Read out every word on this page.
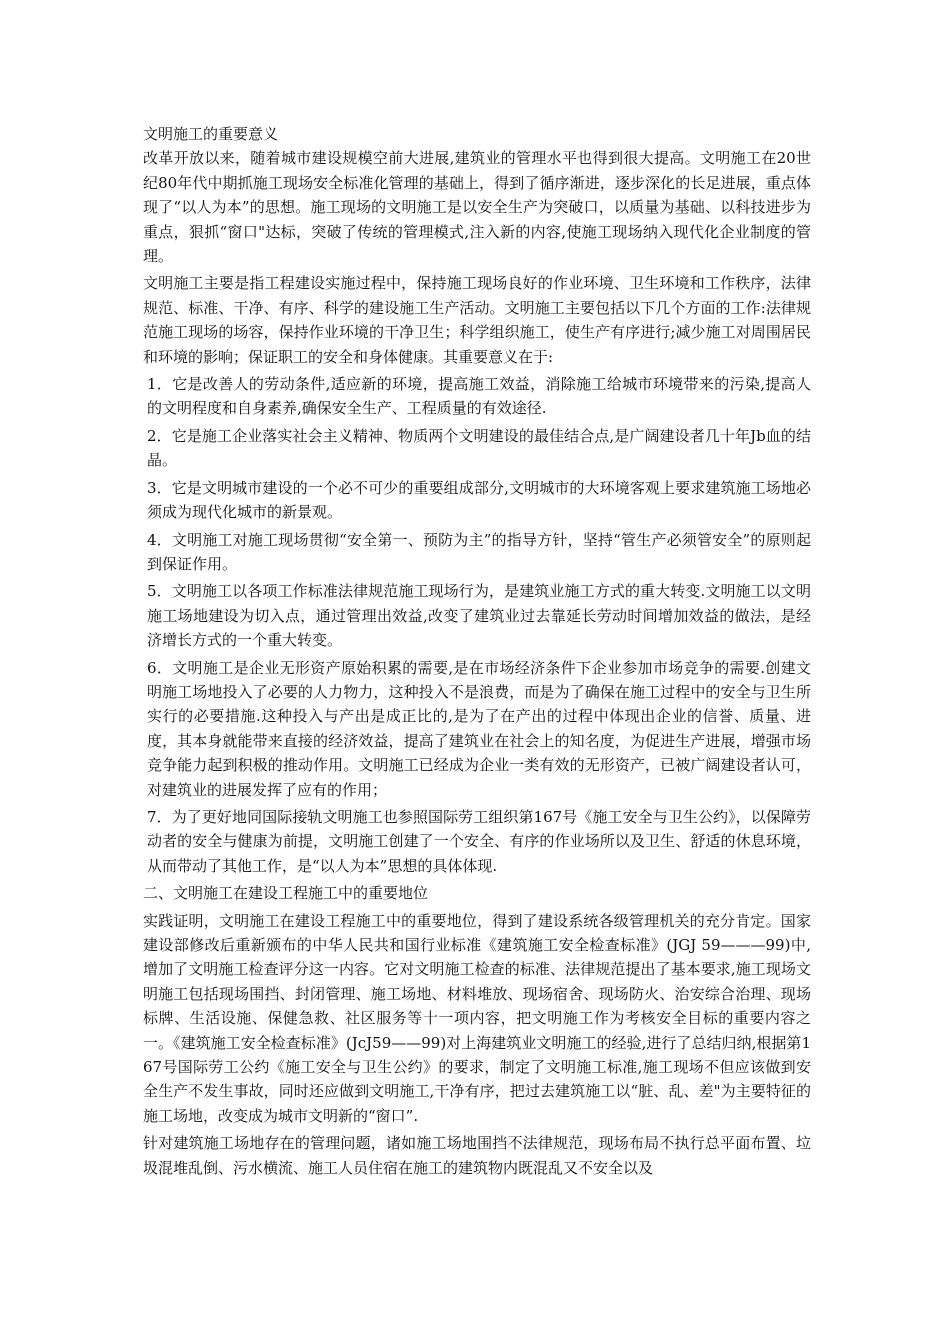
文明施工的重要意义

改革开放以来，随着城市建设规模空前大进展,建筑业的管理水平也得到很大提高。文明施工在20世纪80年代中期抓施工现场安全标准化管理的基础上，得到了循序渐进，逐步深化的长足进展，重点体现了“以人为本”的思想。施工现场的文明施工是以安全生产为突破口，以质量为基础、以科技进步为重点，狠抓“窗口"达标，突破了传统的管理模式,注入新的内容,使施工现场纳入现代化企业制度的管理。

文明施工主要是指工程建设实施过程中，保持施工现场良好的作业环境、卫生环境和工作秩序，法律规范、标准、干净、有序、科学的建设施工生产活动。文明施工主要包括以下几个方面的工作:法律规范施工现场的场容，保持作业环境的干净卫生；科学组织施工，使生产有序进行;减少施工对周围居民和环境的影响；保证职工的安全和身体健康。其重要意义在于:

1．它是改善人的劳动条件,适应新的环境，提高施工效益，消除施工给城市环境带来的污染,提高人的文明程度和自身素养,确保安全生产、工程质量的有效途径.

2．它是施工企业落实社会主义精神、物质两个文明建设的最佳结合点,是广阔建设者几十年Jb血的结晶。

3．它是文明城市建设的一个必不可少的重要组成部分,文明城市的大环境客观上要求建筑施工场地必须成为现代化城市的新景观。

4．文明施工对施工现场贯彻“安全第一、预防为主”的指导方针，坚持“管生产必须管安全”的原则起到保证作用。

5．文明施工以各项工作标准法律规范施工现场行为，是建筑业施工方式的重大转变.文明施工以文明施工场地建设为切入点，通过管理出效益,改变了建筑业过去靠延长劳动时间增加效益的做法，是经济增长方式的一个重大转变。

6．文明施工是企业无形资产原始积累的需要,是在市场经济条件下企业参加市场竞争的需要.创建文明施工场地投入了必要的人力物力，这种投入不是浪费，而是为了确保在施工过程中的安全与卫生所实行的必要措施.这种投入与产出是成正比的,是为了在产出的过程中体现出企业的信誉、质量、进度，其本身就能带来直接的经济效益，提高了建筑业在社会上的知名度，为促进生产进展，增强市场竞争能力起到积极的推动作用。文明施工已经成为企业一类有效的无形资产，已被广阔建设者认可，对建筑业的进展发挥了应有的作用；

7．为了更好地同国际接轨文明施工也参照国际劳工组织第167号《施工安全与卫生公约》，以保障劳动者的安全与健康为前提，文明施工创建了一个安全、有序的作业场所以及卫生、舒适的休息环境，从而带动了其他工作，是“以人为本”思想的具体体现.

二、文明施工在建设工程施工中的重要地位

实践证明，文明施工在建设工程施工中的重要地位，得到了建设系统各级管理机关的充分肯定。国家建设部修改后重新颁布的中华人民共和国行业标准《建筑施工安全检查标准》(JGJ 59———99)中,增加了文明施工检查评分这一内容。它对文明施工检查的标准、法律规范提出了基本要求,施工现场文明施工包括现场围挡、封闭管理、施工场地、材料堆放、现场宿舍、现场防火、治安综合治理、现场标牌、生活设施、保健急救、社区服务等十一项内容，把文明施工作为考核安全目标的重要内容之一。《建筑施工安全检查标准》(JcJ59——99)对上海建筑业文明施工的经验,进行了总结归纳,根据第167号国际劳工公约《施工安全与卫生公约》的要求，制定了文明施工标准,施工现场不但应该做到安全生产不发生事故，同时还应做到文明施工,干净有序，把过去建筑施工以“脏、乱、差"为主要特征的施工场地，改变成为城市文明新的“窗口”.

针对建筑施工场地存在的管理问题，诸如施工场地围挡不法律规范，现场布局不执行总平面布置、垃圾混堆乱倒、污水横流、施工人员住宿在施工的建筑物内既混乱又不安全以及
